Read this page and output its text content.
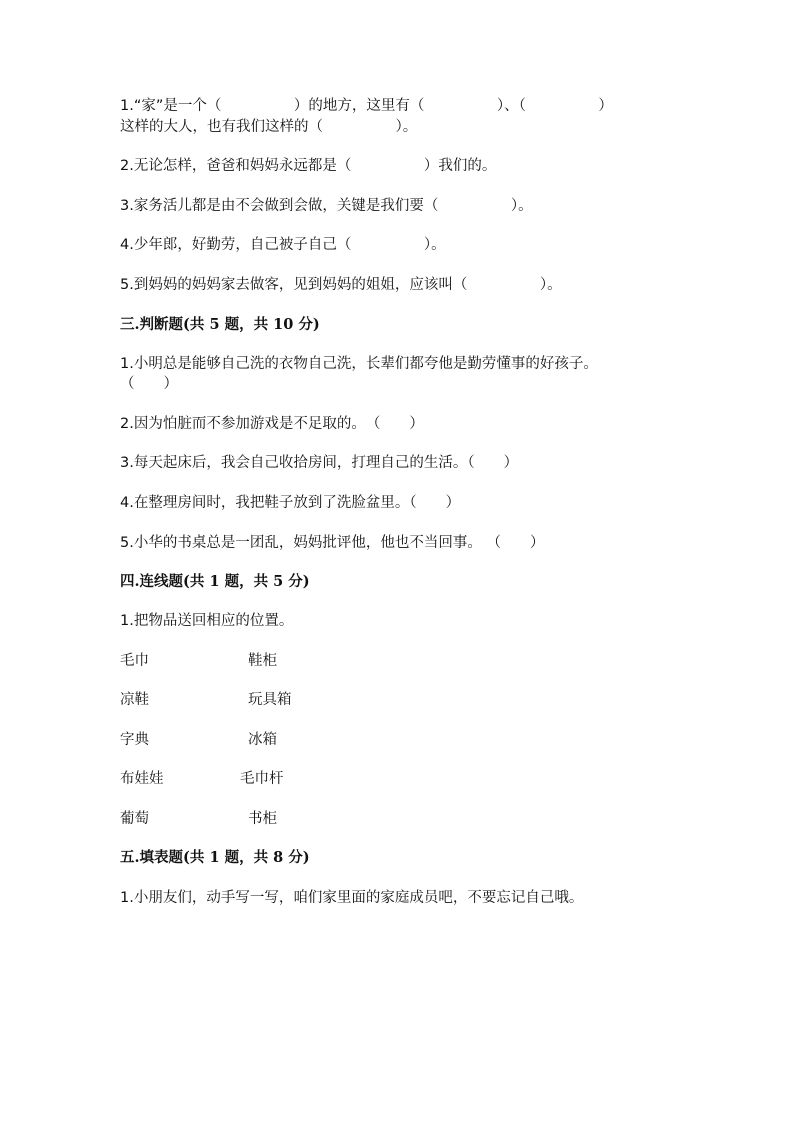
1.“家”是一个（　　　　　）的地方，这里有（　　　　　）、（　　　　　）
这样的大人，也有我们这样的（　　　　　）。
2.无论怎样，爸爸和妈妈永远都是（　　　　　）我们的。
3.家务活儿都是由不会做到会做，关键是我们要（　　　　　）。
4.少年郎，好勤劳，自己被子自己（　　　　　）。
5.到妈妈的妈妈家去做客，见到妈妈的姐姐，应该叫（　　　　　）。
三.判断题(共 5 题，共 10 分)
1.小明总是能够自己洗的衣物自己洗，长辈们都夸他是勤劳懂事的好孩子。
（　　）
2.因为怕脏而不参加游戏是不足取的。　（　　）
3.每天起床后，我会自己收拾房间，打理自己的生活。（　　）
4.在整理房间时，我把鞋子放到了洗脸盆里。（　　）
5.小华的书桌总是一团乱，妈妈批评他，他也不当回事。 （　　）
四.连线题(共 1 题，共 5 分)
1.把物品送回相应的位置。
毛巾	鞋柜
凉鞋	玩具箱
字典	冰箱
布娃娃	毛巾杆
葡萄	书柜
五.填表题(共 1 题，共 8 分)
1.小朋友们，动手写一写，咱们家里面的家庭成员吧，不要忘记自己哦。
